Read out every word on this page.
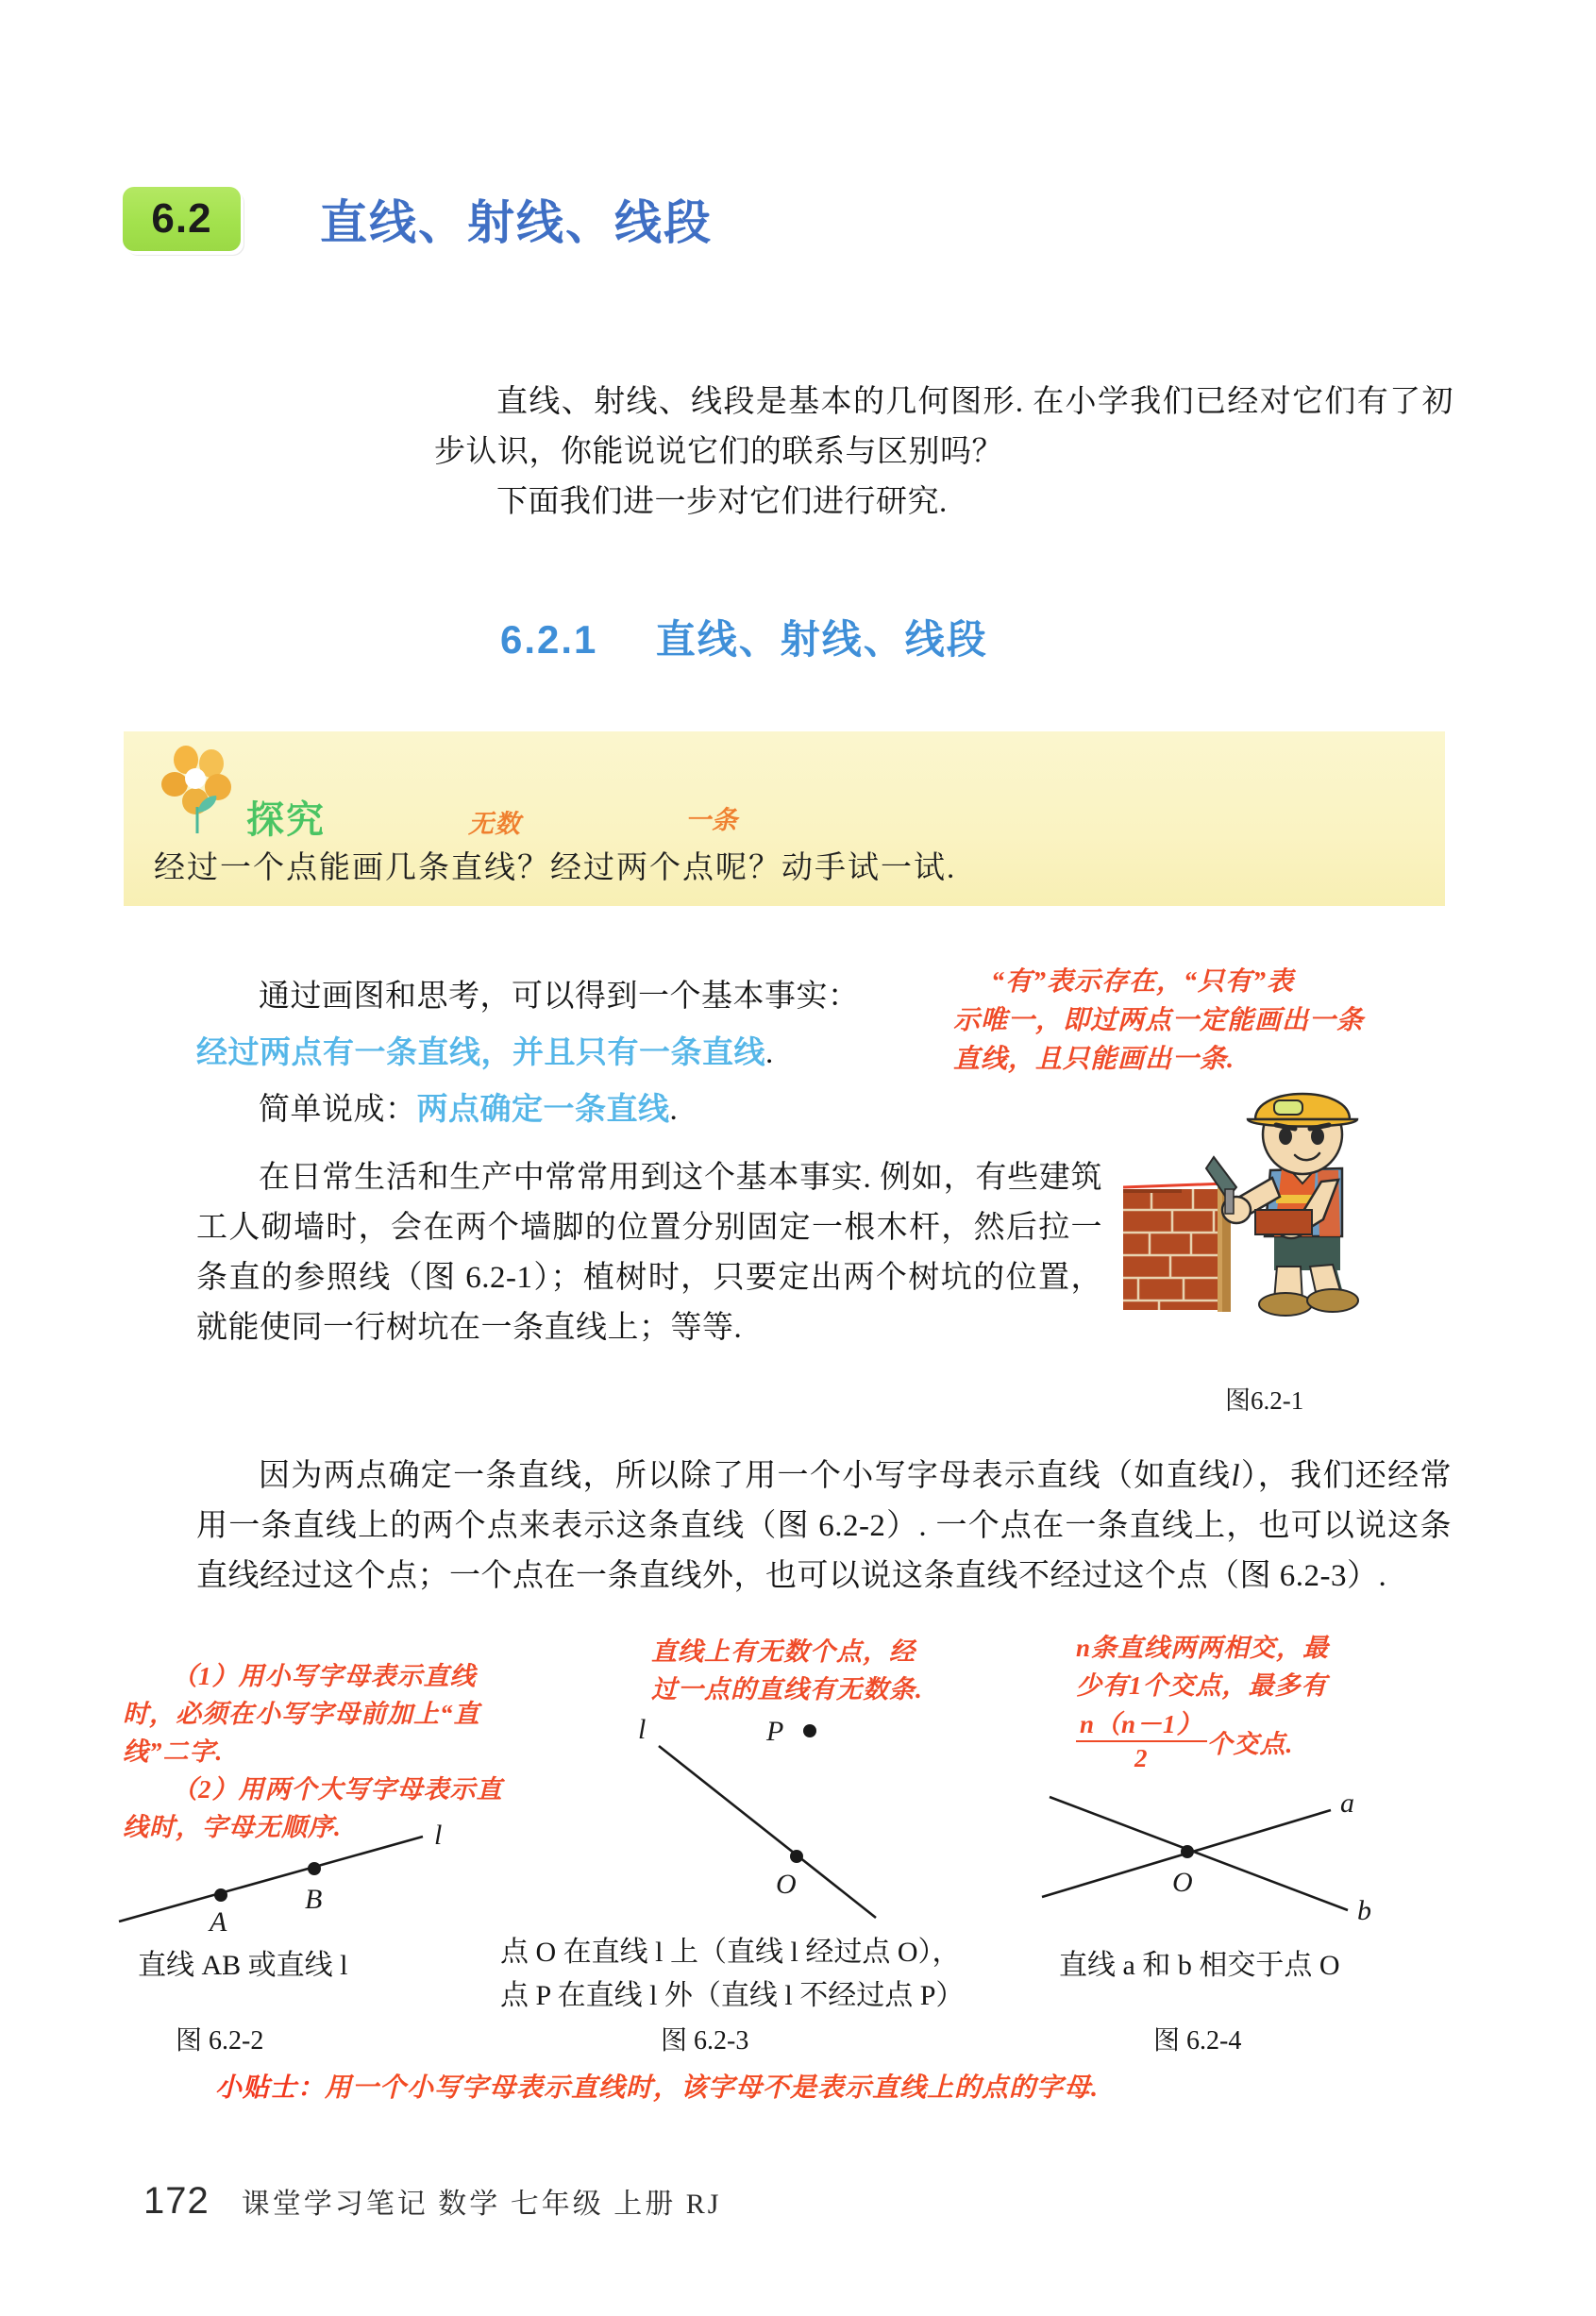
6.2	直线、射线、线段
直线、射线、线段是基本的几何图形. 在小学我们已经对它们有了初步认识，你能说说它们的联系与区别吗？
下面我们进一步对它们进行研究.
6.2.1 直线、射线、线段
探究	无数	一条
经过一个点能画几条直线？经过两个点呢？动手试一试.
通过画图和思考，可以得到一个基本事实：
经过两点有一条直线，并且只有一条直线.
简单说成：两点确定一条直线.
“有”表示存在，“只有”表
示唯一，即过两点一定能画出一条
直线，且只能画出一条.
在日常生活和生产中常常用到这个基本事实. 例如，有些建筑工人砌墙时，会在两个墙脚的位置分别固定一根木杆，然后拉一条直的参照线（图 6.2-1）；植树时，只要定出两个树坑的位置，就能使同一行树坑在一条直线上；等等.
图6.2-1
因为两点确定一条直线，所以除了用一个小写字母表示直线（如直线l），我们还经常用一条直线上的两个点来表示这条直线（图 6.2-2）. 一个点在一条直线上，也可以说这条直线经过这个点；一个点在一条直线外，也可以说这条直线不经过这个点（图 6.2-3）.
（1）用小写字母表示直线
时，必须在小写字母前加上“直
线”二字.
（2）用两个大写字母表示直
线时，字母无顺序.
直线上有无数个点，经
过一点的直线有无数条.
n条直线两两相交，最
少有1个交点，最多有
$\frac{n(n-1)}{2}$ 个交点.
A
B
l
直线 AB 或直线 l
图 6.2-2
l
O
P
点 O 在直线 l 上（直线 l 经过点 O），
点 P 在直线 l 外（直线 l 不经过点 P）
图 6.2-3
a
b
O
直线 a 和 b 相交于点 O
图 6.2-4
小贴士：用一个小写字母表示直线时，该字母不是表示直线上的点的字母.
172 课堂学习笔记 数学 七年级 上册 RJ
